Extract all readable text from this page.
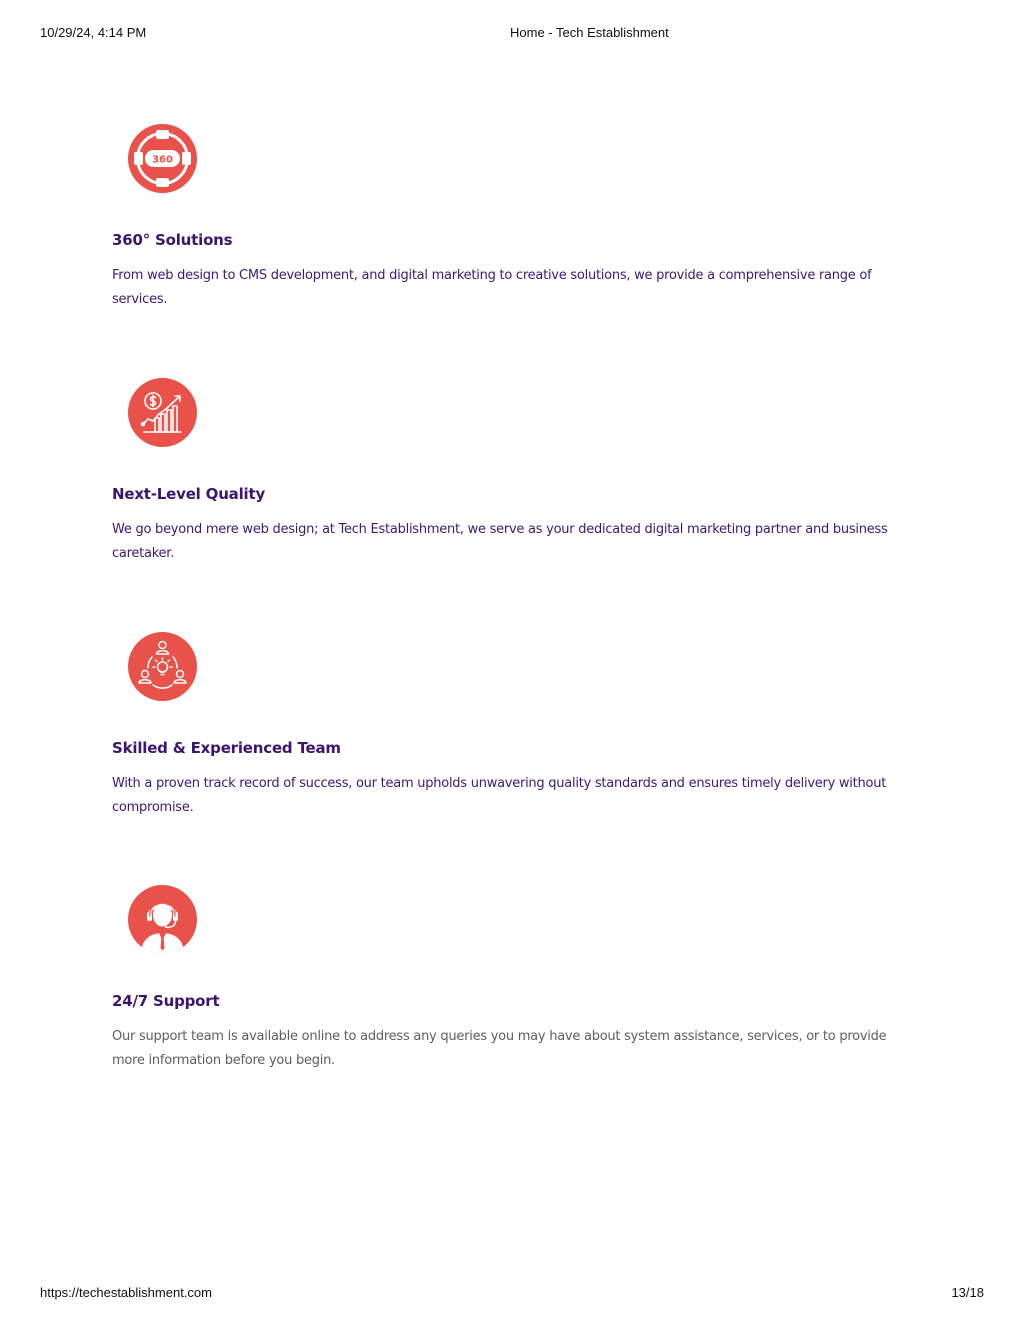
10/29/24, 4:14 PM	Home - Tech Establishment
360
360° Solutions

From web design to CMS development, and digital marketing to creative solutions, we provide a comprehensive range of services.

Next-Level Quality

We go beyond mere web design; at Tech Establishment, we serve as your dedicated digital marketing partner and business caretaker.

Skilled & Experienced Team

With a proven track record of success, our team upholds unwavering quality standards and ensures timely delivery without compromise.

24/7 Support

Our support team is available online to address any queries you may have about system assistance, services, or to provide more information before you begin.

https://techestablishment.com	13/18
